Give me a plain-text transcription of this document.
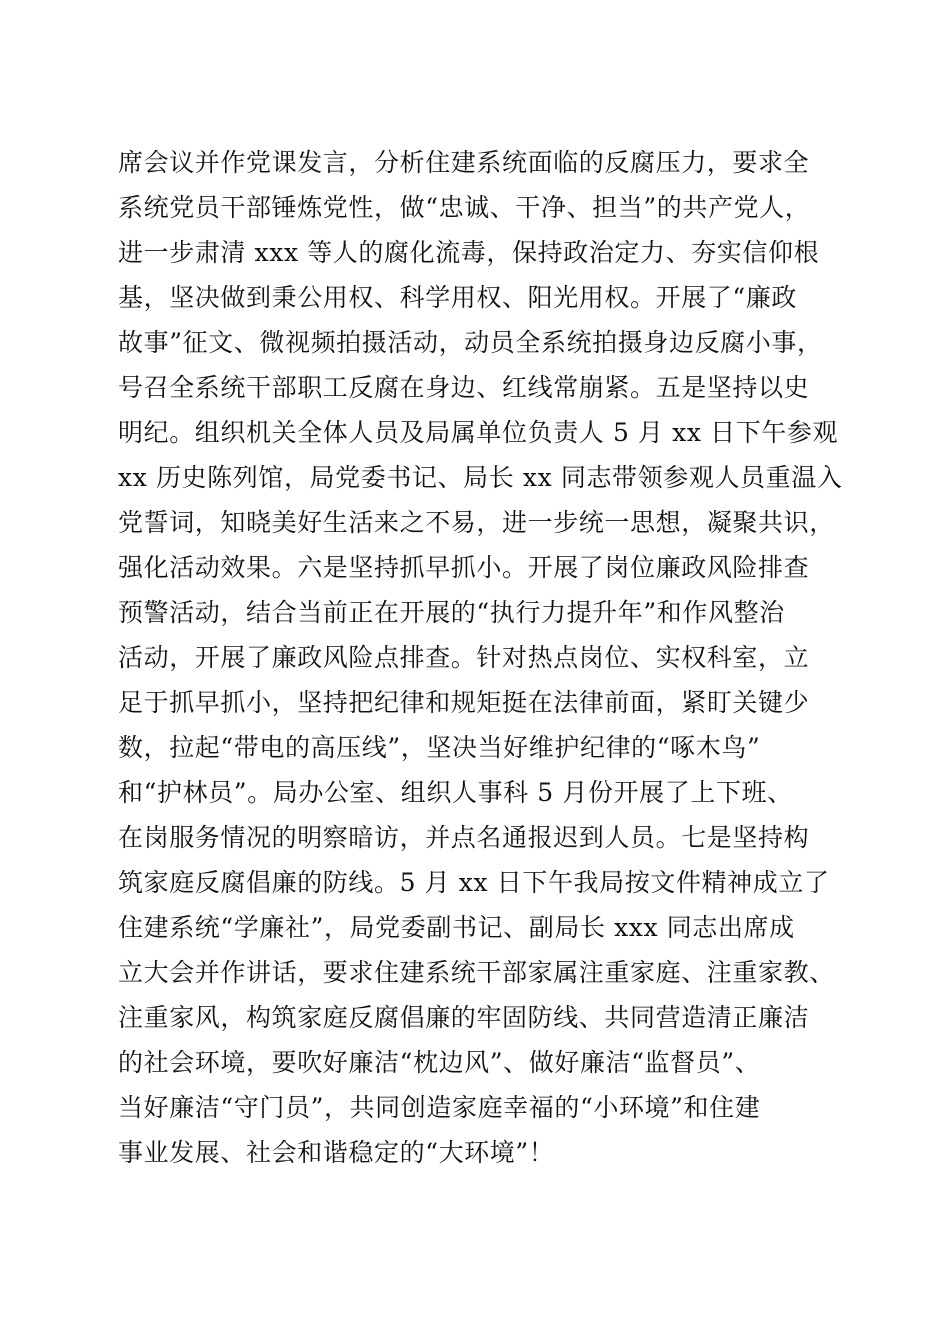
席会议并作党课发言，分析住建系统面临的反腐压力，要求全
系统党员干部锤炼党性，做“忠诚、干净、担当”的共产党人，
进一步肃清 xxx 等人的腐化流毒，保持政治定力、夯实信仰根
基，坚决做到秉公用权、科学用权、阳光用权。开展了“廉政
故事”征文、微视频拍摄活动，动员全系统拍摄身边反腐小事，
号召全系统干部职工反腐在身边、红线常崩紧。五是坚持以史
明纪。组织机关全体人员及局属单位负责人 5 月 xx 日下午参观
xx 历史陈列馆，局党委书记、局长 xx 同志带领参观人员重温入
党誓词，知晓美好生活来之不易，进一步统一思想，凝聚共识，
强化活动效果。六是坚持抓早抓小。开展了岗位廉政风险排查
预警活动，结合当前正在开展的“执行力提升年”和作风整治
活动，开展了廉政风险点排查。针对热点岗位、实权科室，立
足于抓早抓小，坚持把纪律和规矩挺在法律前面，紧盯关键少
数，拉起“带电的高压线”，坚决当好维护纪律的“啄木鸟”
和“护林员”。局办公室、组织人事科 5 月份开展了上下班、
在岗服务情况的明察暗访，并点名通报迟到人员。七是坚持构
筑家庭反腐倡廉的防线。5 月 xx 日下午我局按文件精神成立了
住建系统“学廉社”，局党委副书记、副局长 xxx 同志出席成
立大会并作讲话，要求住建系统干部家属注重家庭、注重家教、
注重家风，构筑家庭反腐倡廉的牢固防线、共同营造清正廉洁
的社会环境，要吹好廉洁“枕边风”、做好廉洁“监督员”、
当好廉洁“守门员”，共同创造家庭幸福的“小环境”和住建
事业发展、社会和谐稳定的“大环境”！
